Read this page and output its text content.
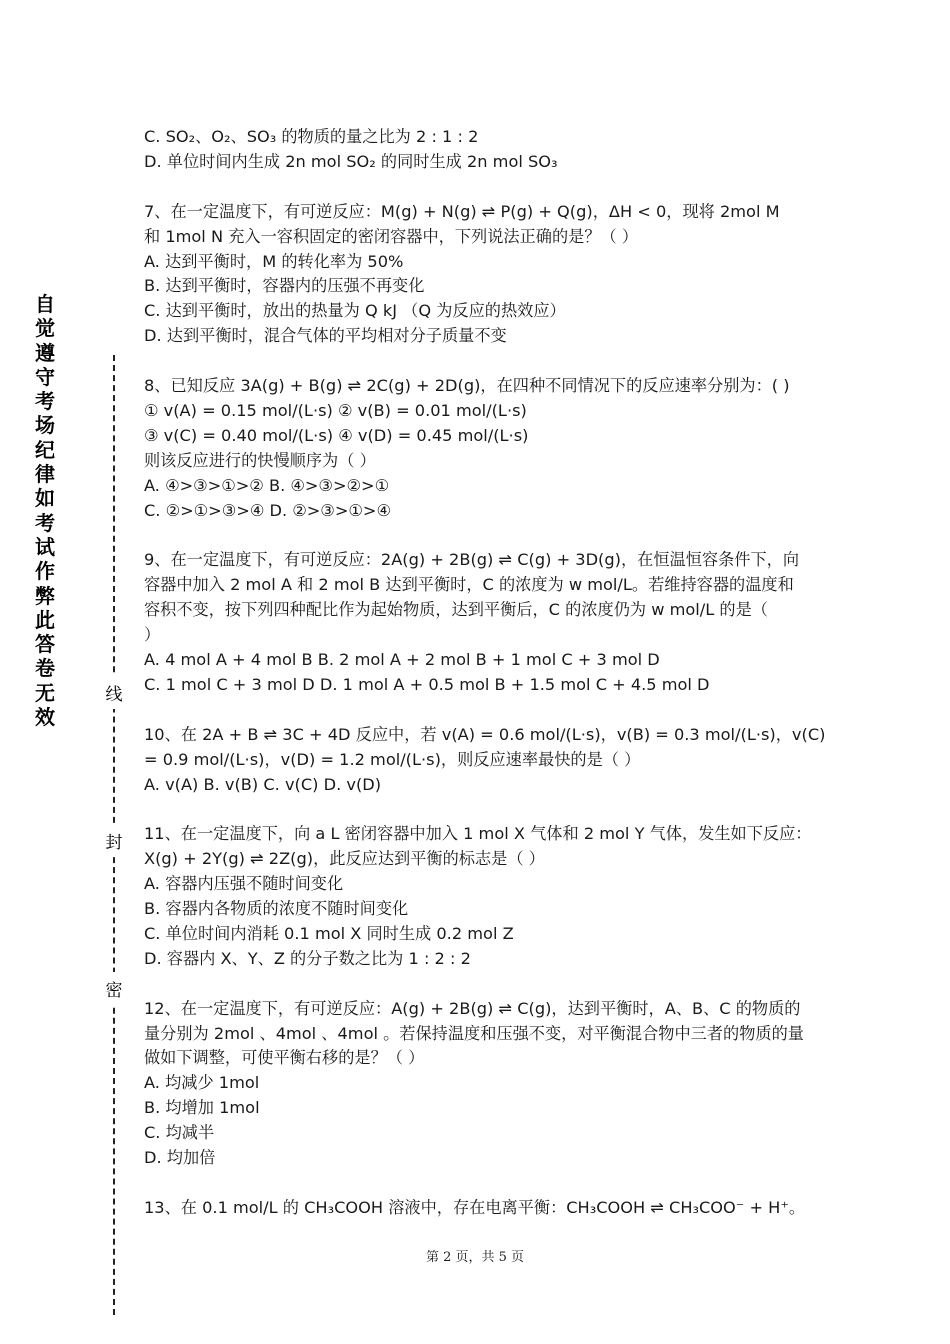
自觉遵守考场纪律如考试作弊此答卷无效
线
封
密

C. SO₂、O₂、SO₃ 的物质的量之比为 2 : 1 : 2

D. 单位时间内生成 2n mol SO₂ 的同时生成 2n mol SO₃

7、在一定温度下，有可逆反应：M(g) + N(g) ⇌ P(g) + Q(g)，ΔH < 0，现将 2mol M

和 1mol N 充入一容积固定的密闭容器中，下列说法正确的是？（ ）

A. 达到平衡时，M 的转化率为 50%

B. 达到平衡时，容器内的压强不再变化

C. 达到平衡时，放出的热量为 Q kJ （Q 为反应的热效应）

D. 达到平衡时，混合气体的平均相对分子质量不变

8、已知反应 3A(g) + B(g) ⇌ 2C(g) + 2D(g)，在四种不同情况下的反应速率分别为：( )

① v(A) = 0.15 mol/(L·s) ② v(B) = 0.01 mol/(L·s)

③ v(C) = 0.40 mol/(L·s) ④ v(D) = 0.45 mol/(L·s)

则该反应进行的快慢顺序为（ ）

A. ④>③>①>② B. ④>③>②>①

C. ②>①>③>④ D. ②>③>①>④

9、在一定温度下，有可逆反应：2A(g) + 2B(g) ⇌ C(g) + 3D(g)，在恒温恒容条件下，向

容器中加入 2 mol A 和 2 mol B 达到平衡时，C 的浓度为 w mol/L。若维持容器的温度和

容积不变，按下列四种配比作为起始物质，达到平衡后，C 的浓度仍为 w mol/L 的是（

）

A. 4 mol A + 4 mol B B. 2 mol A + 2 mol B + 1 mol C + 3 mol D

C. 1 mol C + 3 mol D D. 1 mol A + 0.5 mol B + 1.5 mol C + 4.5 mol D

10、在 2A + B ⇌ 3C + 4D 反应中，若 v(A) = 0.6 mol/(L·s)，v(B) = 0.3 mol/(L·s)，v(C)

= 0.9 mol/(L·s)，v(D) = 1.2 mol/(L·s)，则反应速率最快的是（ ）

A. v(A) B. v(B) C. v(C) D. v(D)

11、在一定温度下，向 a L 密闭容器中加入 1 mol X 气体和 2 mol Y 气体，发生如下反应：

X(g) + 2Y(g) ⇌ 2Z(g)，此反应达到平衡的标志是（ ）

A. 容器内压强不随时间变化

B. 容器内各物质的浓度不随时间变化

C. 单位时间内消耗 0.1 mol X 同时生成 0.2 mol Z

D. 容器内 X、Y、Z 的分子数之比为 1 : 2 : 2

12、在一定温度下，有可逆反应：A(g) + 2B(g) ⇌ C(g)，达到平衡时，A、B、C 的物质的

量分别为 2mol 、4mol 、4mol 。若保持温度和压强不变，对平衡混合物中三者的物质的量

做如下调整，可使平衡右移的是？（ ）

A. 均减少 1mol

B. 均增加 1mol

C. 均减半

D. 均加倍

13、在 0.1 mol/L 的 CH₃COOH 溶液中，存在电离平衡：CH₃COOH ⇌ CH₃COO⁻ + H⁺。

第 2 页，共 5 页
